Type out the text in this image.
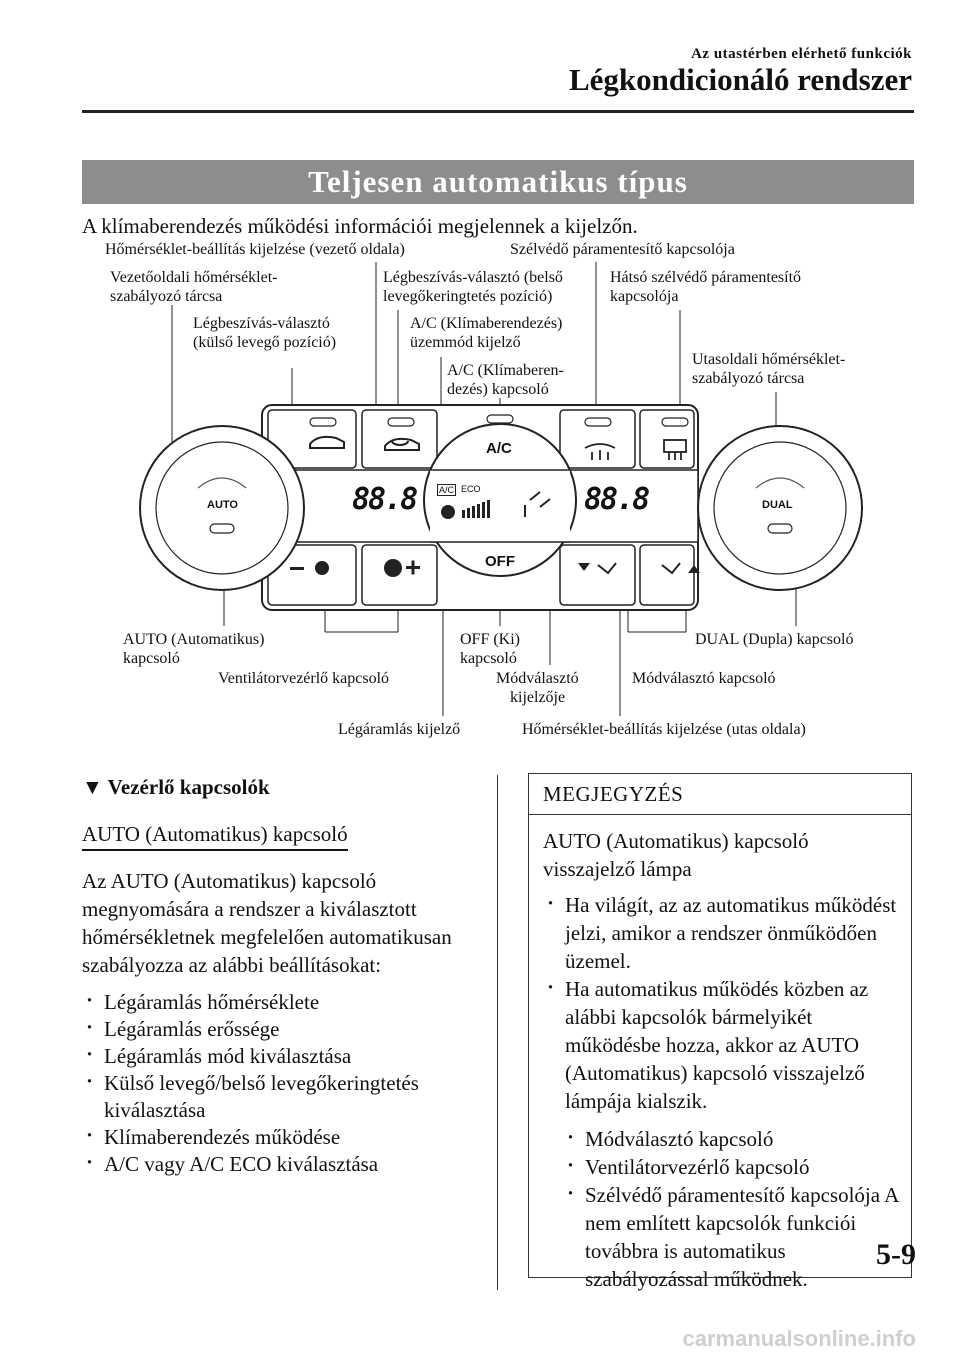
Az utastérben elérhető funkciók
Légkondicionáló rendszer
Teljesen automatikus típus
A klímaberendezés működési információi megjelennek a kijelzőn.
Hőmérséklet-beállítás kijelzése (vezető oldala)	Szélvédő páramentesítő kapcsolója
Vezetőoldali hőmérséklet-
szabályozó tárcsa
Légbeszívás-választó (belső
levegőkeringtetés pozíció)
Hátsó szélvédő páramentesítő
kapcsolója
Légbeszívás-választó
(külső levegő pozíció)
A/C (Klímaberendezés)
üzemmód kijelző
A/C (Klímaberen-
dezés) kapcsoló
Utasoldali hőmérséklet-
szabályozó tárcsa
AUTO (Automatikus)
kapcsoló
OFF (Ki)
kapcsoló
DUAL (Dupla) kapcsoló
Ventilátorvezérlő kapcsoló	Módválasztó
kijelzője
Módválasztó kapcsoló
Légáramlás kijelző	Hőmérséklet-beállítás kijelzése (utas oldala)
AUTO	DUAL
A/C
OFF
A/C ECO
88.8	88.8
▼ Vezérlő kapcsolók
AUTO (Automatikus) kapcsoló
Az AUTO (Automatikus) kapcsoló megnyomására a rendszer a kiválasztott hőmérsékletnek megfelelően automatikusan szabályozza az alábbi beállításokat:
· Légáramlás hőmérséklete
· Légáramlás erőssége
· Légáramlás mód kiválasztása
· Külső levegő/belső levegőkeringtetés kiválasztása
· Klímaberendezés működése
· A/C vagy A/C ECO kiválasztása
MEGJEGYZÉS
AUTO (Automatikus) kapcsoló visszajelző lámpa
· Ha világít, az az automatikus működést jelzi, amikor a rendszer önműködően üzemel.
· Ha automatikus működés közben az alábbi kapcsolók bármelyikét működésbe hozza, akkor az AUTO (Automatikus) kapcsoló visszajelző lámpája kialszik.
· Módválasztó kapcsoló
· Ventilátorvezérlő kapcsoló
· Szélvédő páramentesítő kapcsolója A nem említett kapcsolók funkciói továbbra is automatikus szabályozással működnek.
5-9
carmanualsonline.info
